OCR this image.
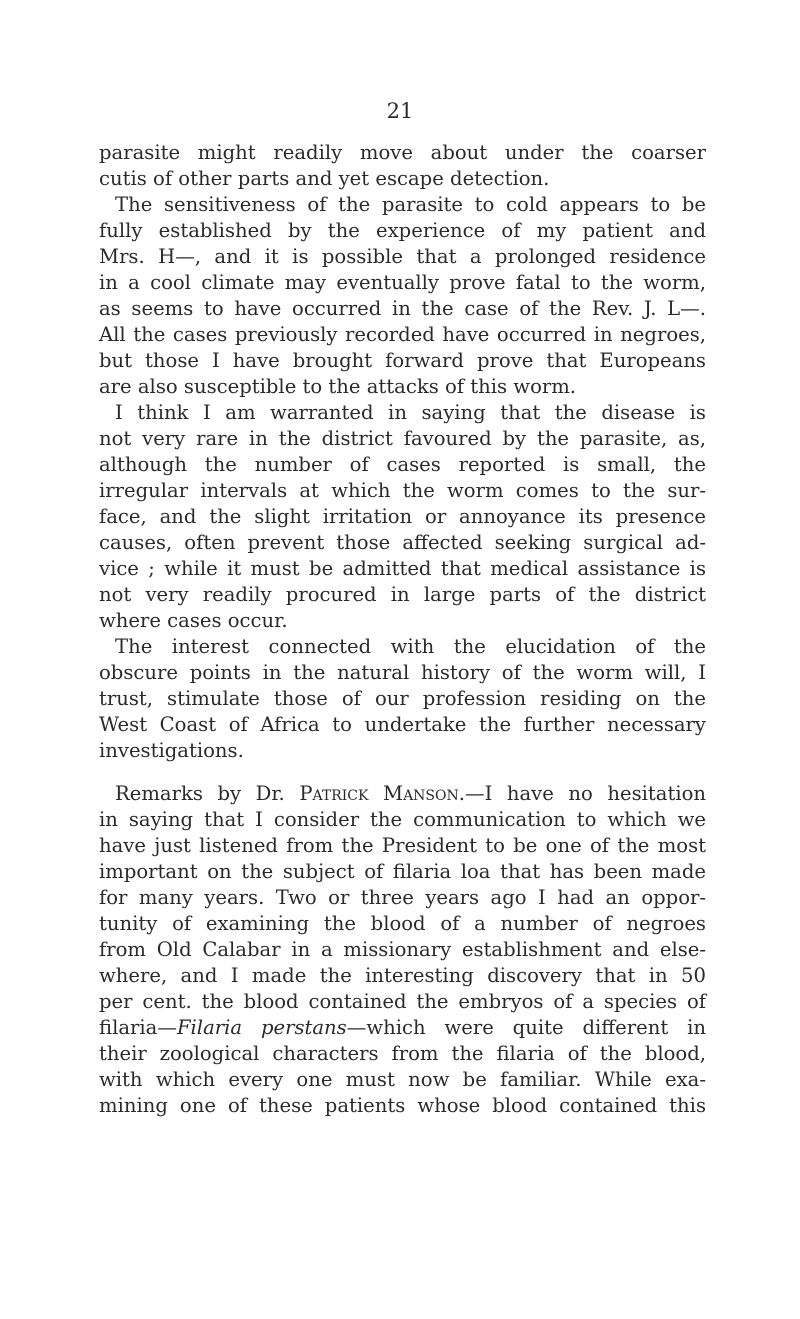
21
parasite might readily move about under the coarser
cutis of other parts and yet escape detection.
The sensitiveness of the parasite to cold appears to be
fully established by the experience of my patient and
Mrs. H—, and it is possible that a prolonged residence
in a cool climate may eventually prove fatal to the worm,
as seems to have occurred in the case of the Rev. J. L—.
All the cases previously recorded have occurred in negroes,
but those I have brought forward prove that Europeans
are also susceptible to the attacks of this worm.
I think I am warranted in saying that the disease is
not very rare in the district favoured by the parasite, as,
although the number of cases reported is small, the
irregular intervals at which the worm comes to the sur-
face, and the slight irritation or annoyance its presence
causes, often prevent those affected seeking surgical ad-
vice ; while it must be admitted that medical assistance is
not very readily procured in large parts of the district
where cases occur.
The interest connected with the elucidation of the
obscure points in the natural history of the worm will, I
trust, stimulate those of our profession residing on the
West Coast of Africa to undertake the further necessary
investigations.
Remarks by Dr. Patrick Manson.—I have no hesitation
in saying that I consider the communication to which we
have just listened from the President to be one of the most
important on the subject of filaria loa that has been made
for many years. Two or three years ago I had an oppor-
tunity of examining the blood of a number of negroes
from Old Calabar in a missionary establishment and else-
where, and I made the interesting discovery that in 50
per cent. the blood contained the embryos of a species of
filaria—Filaria perstans—which were quite different in
their zoological characters from the filaria of the blood,
with which every one must now be familiar. While exa-
mining one of these patients whose blood contained this
